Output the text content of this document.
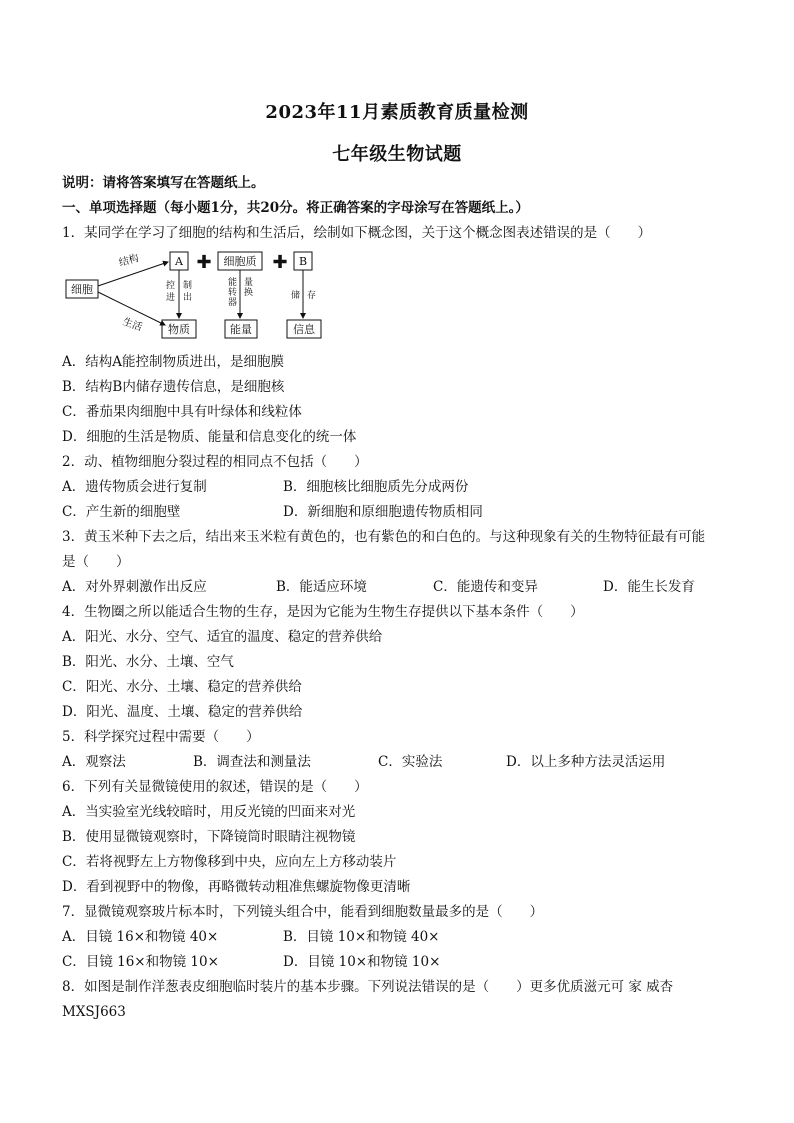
2023年11月素质教育质量检测
七年级生物试题
说明：请将答案填写在答题纸上。
一、单项选择题（每小题1分，共20分。将正确答案的字母涂写在答题纸上。）
1．某同学在学习了细胞的结构和生活后，绘制如下概念图，关于这个概念图表述错误的是（　　）
细胞
结构
生活
A ✚ 细胞质 ✚ B
控进
制出
能转器
量换	储 存
物质	能量	信息
A．结构A能控制物质进出，是细胞膜
B．结构B内储存遗传信息，是细胞核
C．番茄果肉细胞中具有叶绿体和线粒体
D．细胞的生活是物质、能量和信息变化的统一体
2．动、植物细胞分裂过程的相同点不包括（　　）
A．遗传物质会进行复制	B．细胞核比细胞质先分成两份
C．产生新的细胞壁	D．新细胞和原细胞遗传物质相同
3．黄玉米种下去之后，结出来玉米粒有黄色的，也有紫色的和白色的。与这种现象有关的生物特征最有可能
是（　　）
A．对外界刺激作出反应	B．能适应环境	C．能遗传和变异	D．能生长发育
4．生物圈之所以能适合生物的生存，是因为它能为生物生存提供以下基本条件（　　）
A．阳光、水分、空气、适宜的温度、稳定的营养供给
B．阳光、水分、土壤、空气
C．阳光、水分、土壤、稳定的营养供给
D．阳光、温度、土壤、稳定的营养供给
5．科学探究过程中需要（　　）
A．观察法	B．调查法和测量法	C．实验法	D．以上多种方法灵活运用
6．下列有关显微镜使用的叙述，错误的是（　　）
A．当实验室光线较暗时，用反光镜的凹面来对光
B．使用显微镜观察时，下降镜筒时眼睛注视物镜
C．若将视野左上方物像移到中央，应向左上方移动装片
D．看到视野中的物像，再略微转动粗准焦螺旋物像更清晰
7．显微镜观察玻片标本时，下列镜头组合中，能看到细胞数量最多的是（　　）
A．目镜 16×和物镜 40×	B．目镜 10×和物镜 40×
C．目镜 16×和物镜 10×	D．目镜 10×和物镜 10×
8．如图是制作洋葱表皮细胞临时装片的基本步骤。下列说法错误的是（　　）更多优质滋元可 家 威杏
MXSJ663
